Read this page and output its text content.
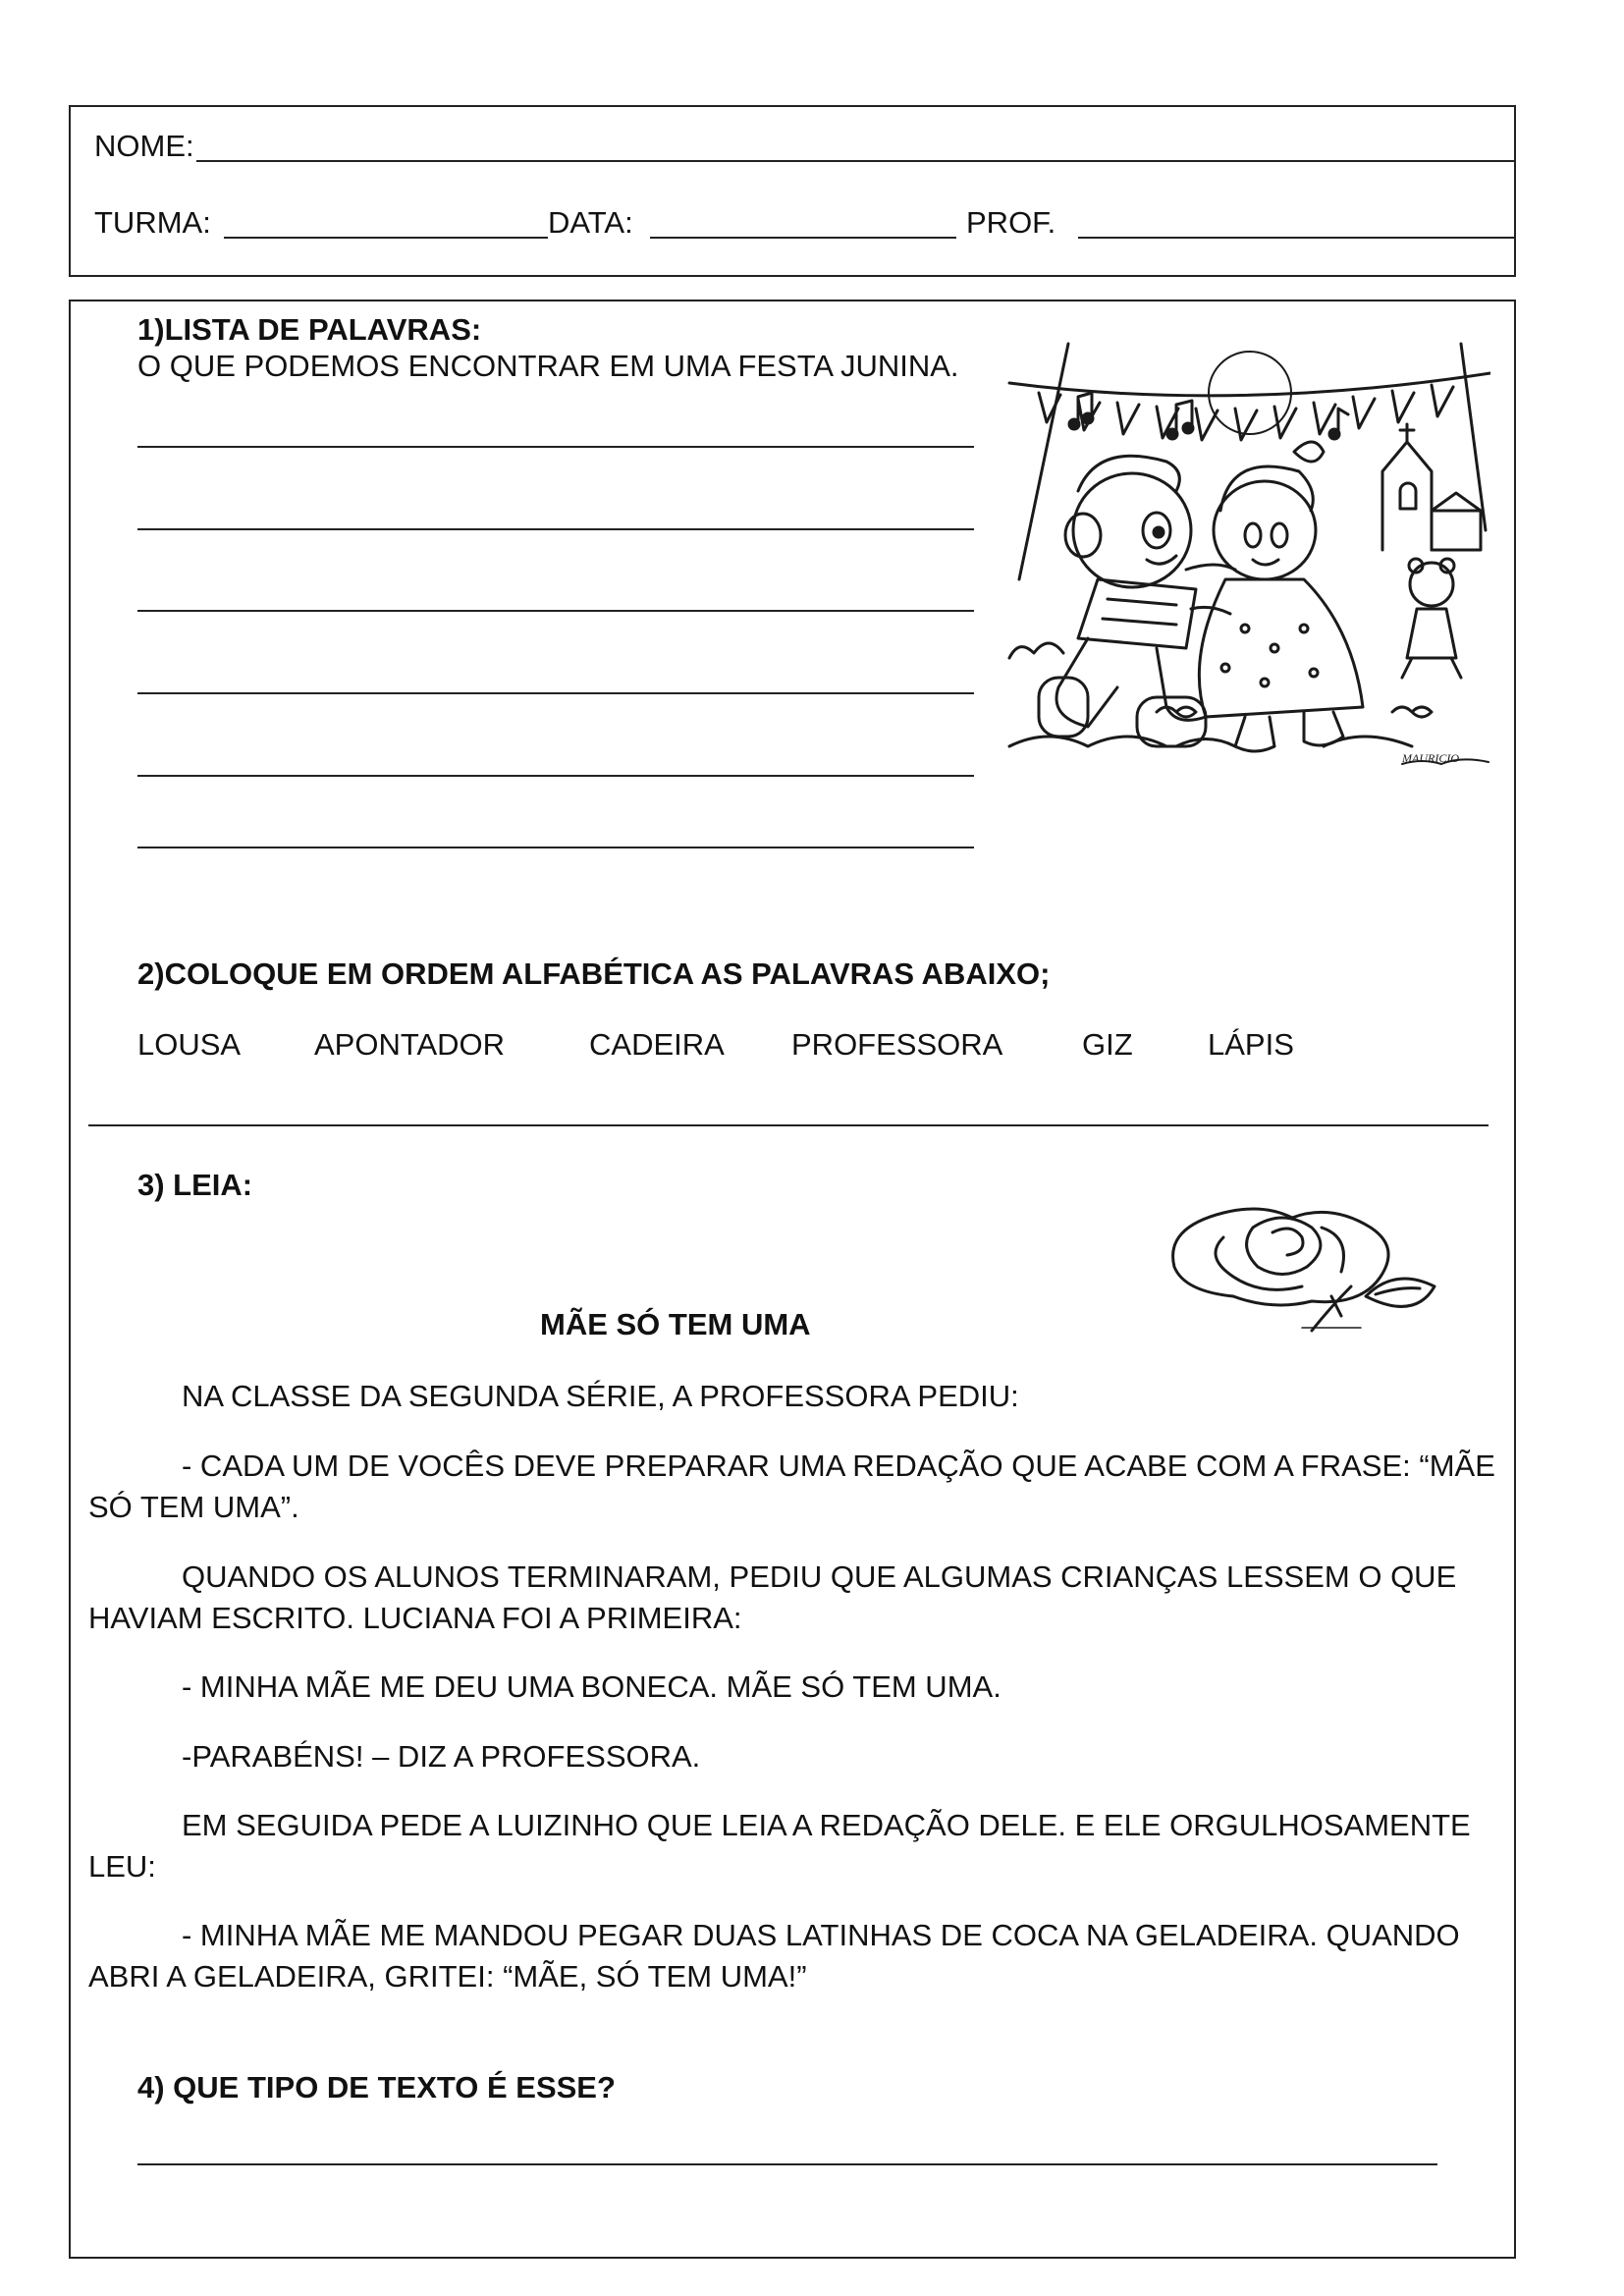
NOME:
TURMA:	DATA:	PROF.
1)LISTA DE PALAVRAS:
O QUE PODEMOS ENCONTRAR EM UMA FESTA JUNINA.
MAURICIO
2)COLOQUE EM ORDEM ALFABÉTICA AS PALAVRAS ABAIXO;
LOUSA APONTADOR	CADEIRA PROFESSORA	GIZ LÁPIS
3) LEIA:
MÃE SÓ TEM UMA
NA CLASSE DA SEGUNDA SÉRIE, A PROFESSORA PEDIU:
- CADA UM DE VOCÊS DEVE PREPARAR UMA REDAÇÃO QUE ACABE COM A FRASE: “MÃE SÓ TEM UMA”.
QUANDO OS ALUNOS TERMINARAM, PEDIU QUE ALGUMAS CRIANÇAS LESSEM O QUE HAVIAM ESCRITO. LUCIANA FOI A PRIMEIRA:
- MINHA MÃE ME DEU UMA BONECA. MÃE SÓ TEM UMA.
-PARABÉNS! – DIZ A PROFESSORA.
EM SEGUIDA PEDE A LUIZINHO QUE LEIA A REDAÇÃO DELE. E ELE ORGULHOSAMENTE LEU:
- MINHA MÃE ME MANDOU PEGAR DUAS LATINHAS DE COCA NA GELADEIRA. QUANDO ABRI A GELADEIRA, GRITEI: “MÃE, SÓ TEM UMA!”
4) QUE TIPO DE TEXTO É ESSE?
